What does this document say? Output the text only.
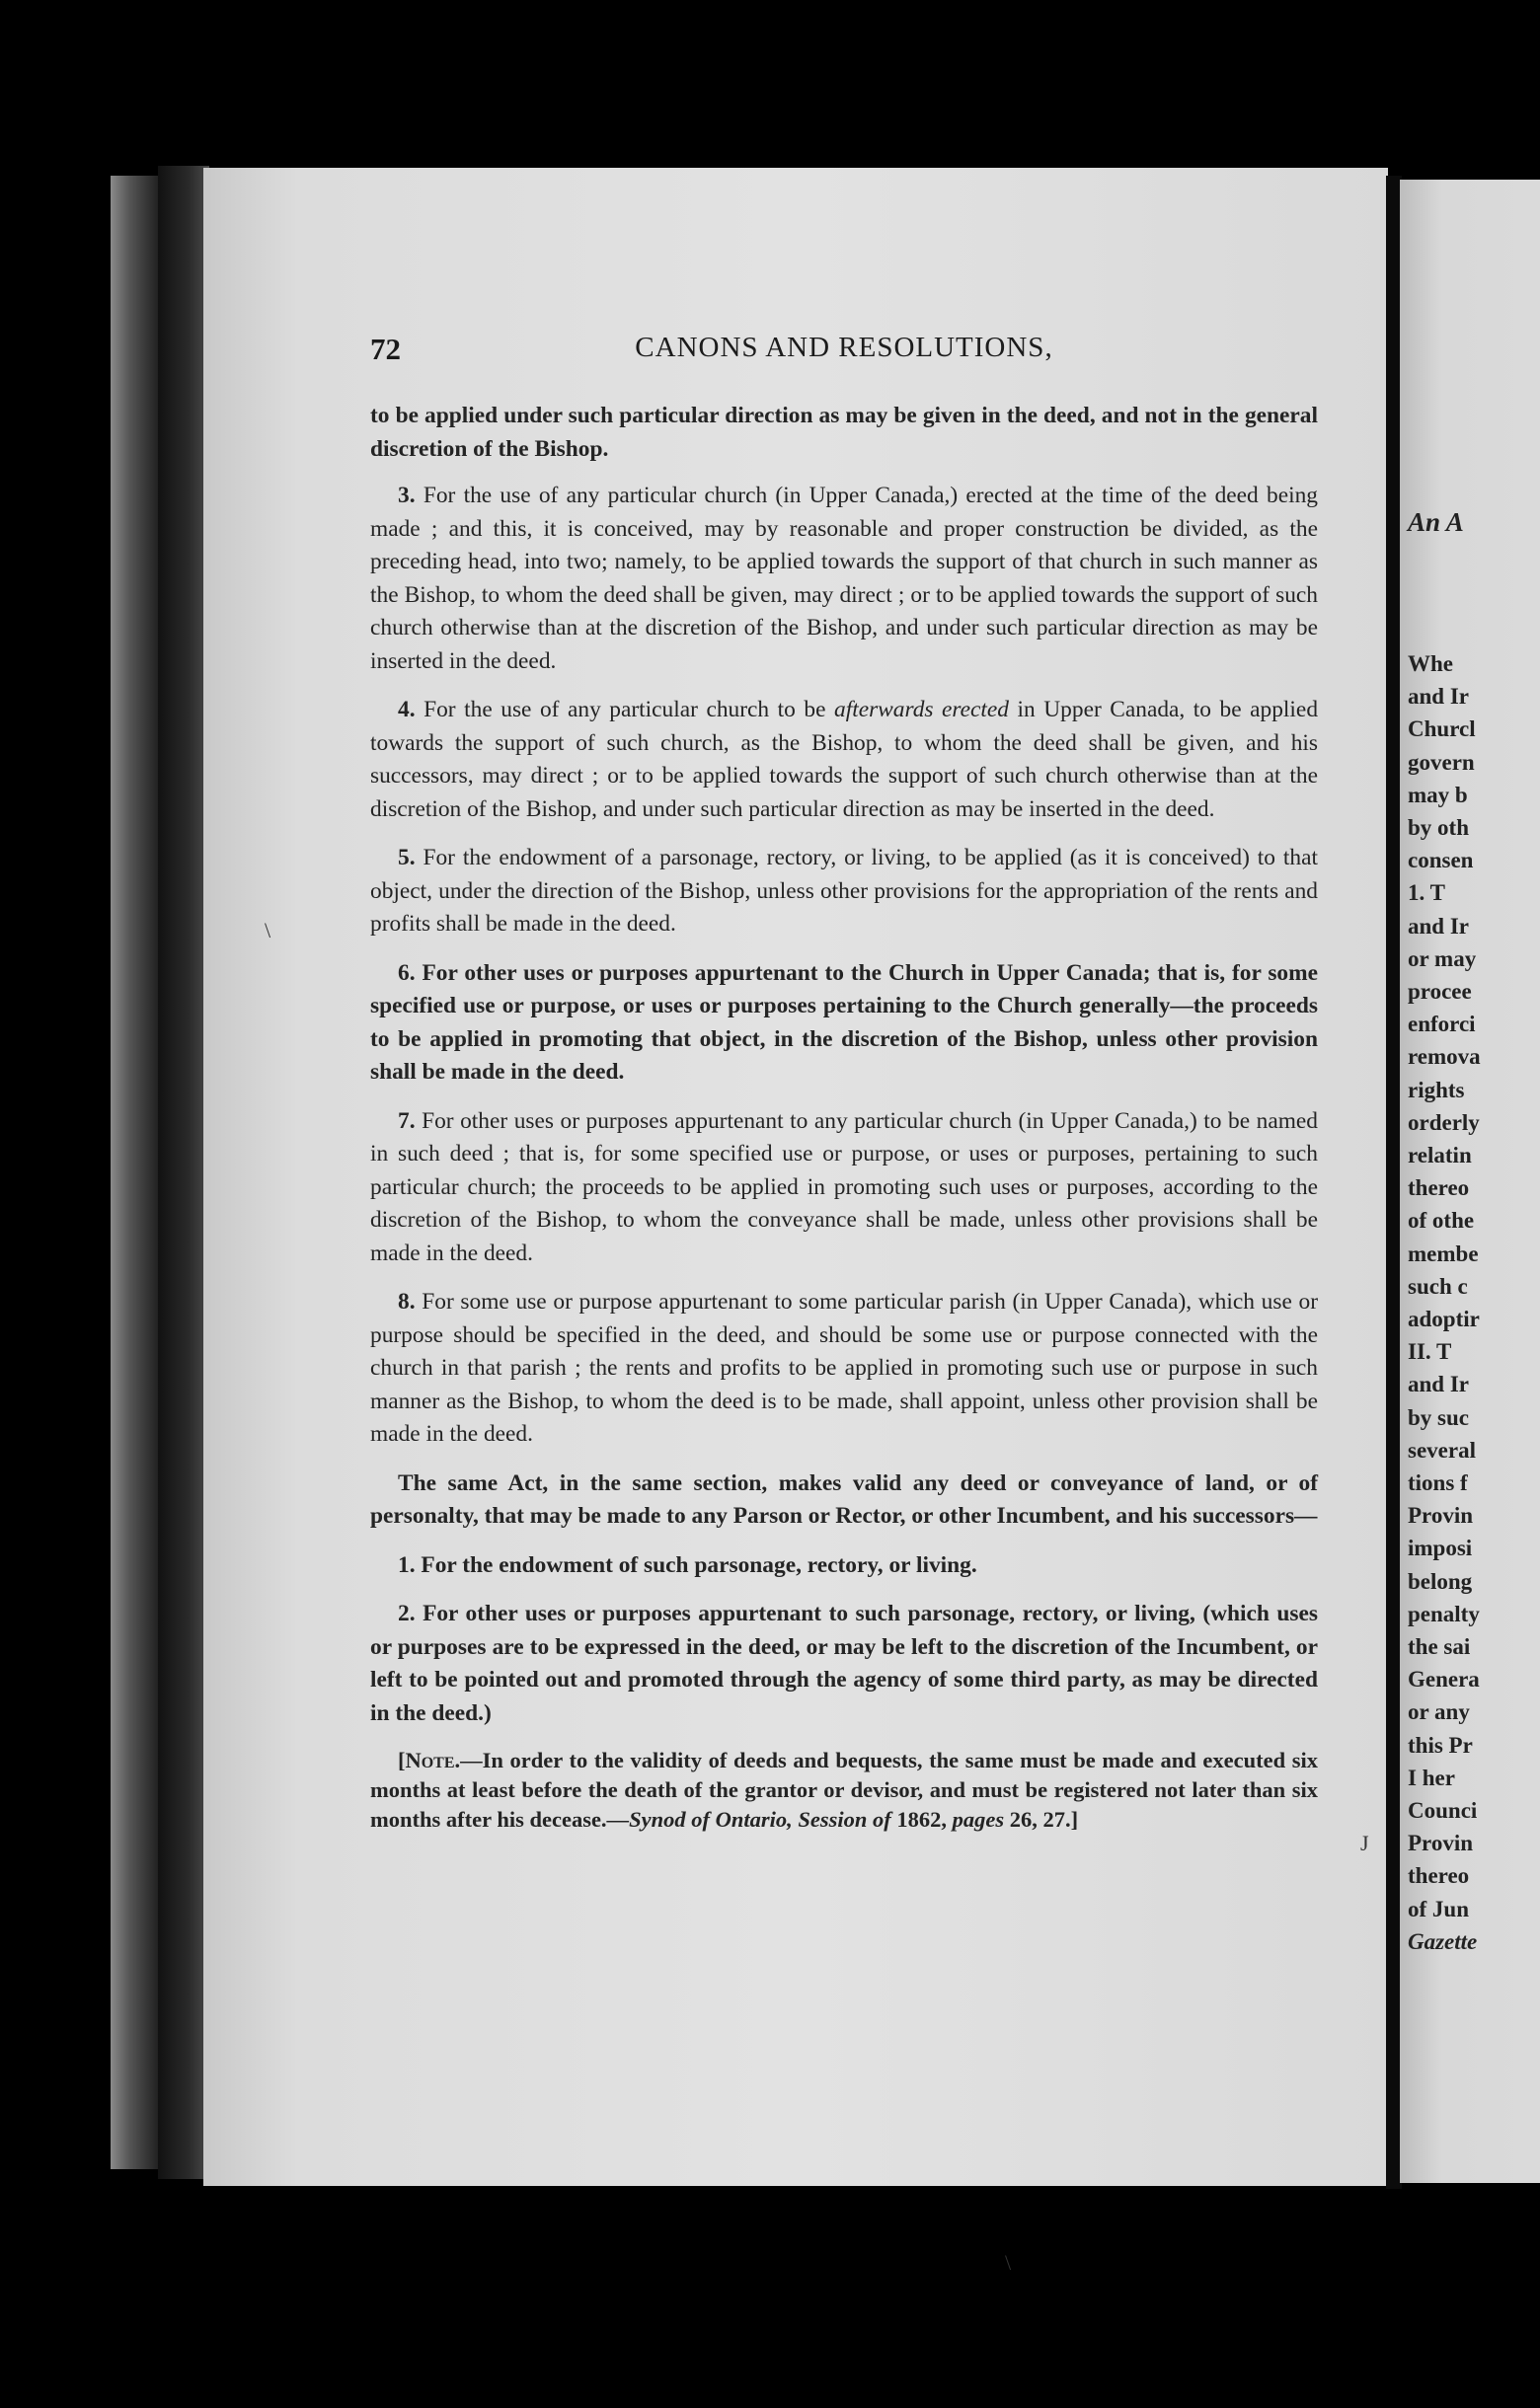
72	CANONS AND RESOLUTIONS,

to be applied under such particular direction as may be given in the deed, and not in the general discretion of the Bishop.

3. For the use of any particular church (in Upper Canada,) erected at the time of the deed being made ; and this, it is conceived, may by reasonable and proper construction be divided, as the preceding head, into two; namely, to be applied towards the support of that church in such manner as the Bishop, to whom the deed shall be given, may direct ; or to be applied towards the support of such church otherwise than at the discretion of the Bishop, and under such particular direction as may be inserted in the deed.

4. For the use of any particular church to be afterwards erected in Upper Canada, to be applied towards the support of such church, as the Bishop, to whom the deed shall be given, and his successors, may direct ; or to be applied towards the support of such church otherwise than at the discretion of the Bishop, and under such particular direction as may be inserted in the deed.

5. For the endowment of a parsonage, rectory, or living, to be applied (as it is conceived) to that object, under the direction of the Bishop, unless other provisions for the appropriation of the rents and profits shall be made in the deed.

6. For other uses or purposes appurtenant to the Church in Upper Canada; that is, for some specified use or purpose, or uses or purposes pertaining to the Church generally—the proceeds to be applied in promoting that object, in the discretion of the Bishop, unless other provision shall be made in the deed.

7. For other uses or purposes appurtenant to any particular church (in Upper Canada,) to be named in such deed ; that is, for some specified use or purpose, or uses or purposes, pertaining to such particular church; the proceeds to be applied in promoting such uses or purposes, according to the discretion of the Bishop, to whom the conveyance shall be made, unless other provisions shall be made in the deed.

8. For some use or purpose appurtenant to some particular parish (in Upper Canada), which use or purpose should be specified in the deed, and should be some use or purpose connected with the church in that parish ; the rents and profits to be applied in promoting such use or purpose in such manner as the Bishop, to whom the deed is to be made, shall appoint, unless other provision shall be made in the deed.

The same Act, in the same section, makes valid any deed or conveyance of land, or of personalty, that may be made to any Parson or Rector, or other Incumbent, and his successors—

1. For the endowment of such parsonage, rectory, or living.

2. For other uses or purposes appurtenant to such parsonage, rectory, or living, (which uses or purposes are to be expressed in the deed, or may be left to the discretion of the Incumbent, or left to be pointed out and promoted through the agency of some third party, as may be directed in the deed.)

[Note.—In order to the validity of deeds and bequests, the same must be made and executed six months at least before the death of the grantor or devisor, and must be registered not later than six months after his decease.—Synod of Ontario, Session of 1862, pages 26, 27.]

An A
Whe
and Ir
Churcl
govern
may b
by oth
consen
1. T
and Ir
or may
procee
enforci
remova
rights
orderly
relatin
thereo
of othe
membe
such c
adoptir
II. T
and Ir
by suc
several
tions f
Provin
imposi
belong
penalty
the sai
Genera
or any
this Pr
I her
Counci
Provin
thereo
of Jun
Gazette
\
\
J
